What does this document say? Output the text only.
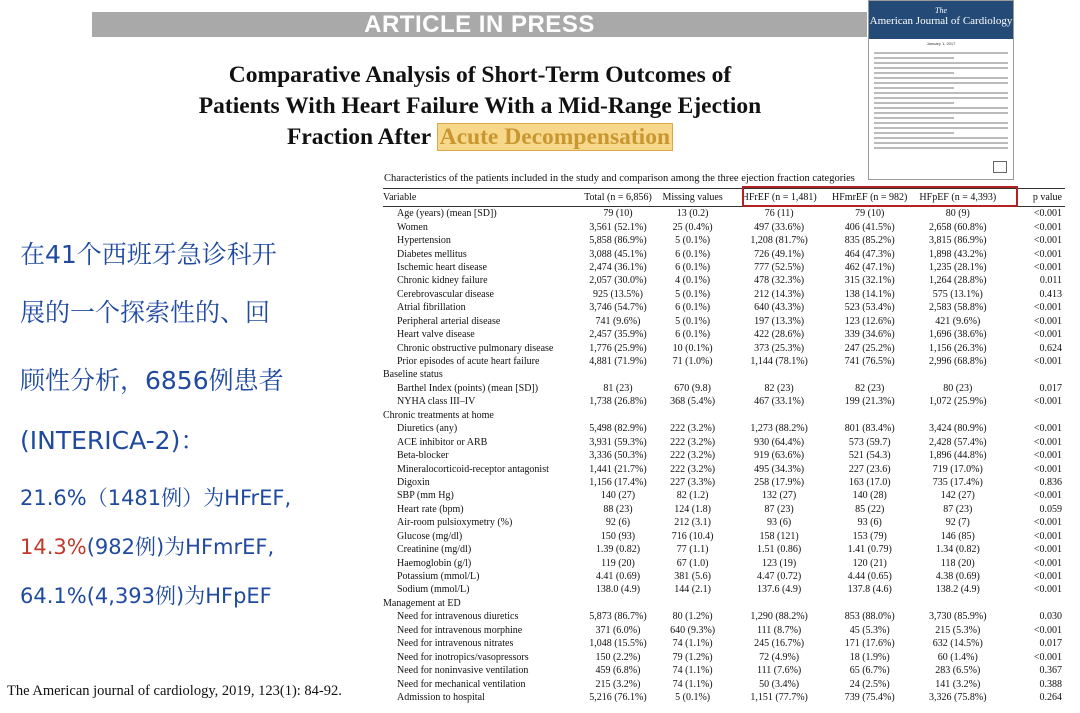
ARTICLE IN PRESS
Comparative Analysis of Short-Term Outcomes of
Patients With Heart Failure With a Mid-Range Ejection
Fraction After Acute Decompensation
The
American Journal of Cardiology
January 1, 2017
Characteristics of the patients included in the study and comparison among the three ejection fraction categories
Variable	Total (n = 6,856)	Missing values	HFrEF (n = 1,481)	HFmrEF (n = 982)	HFpEF (n = 4,393)	p value
Age (years) (mean [SD])	79 (10)	13 (0.2)	76 (11)	79 (10)	80 (9)	<0.001
Women	3,561 (52.1%)	25 (0.4%)	497 (33.6%)	406 (41.5%)	2,658 (60.8%)	<0.001
Hypertension	5,858 (86.9%)	5 (0.1%)	1,208 (81.7%)	835 (85.2%)	3,815 (86.9%)	<0.001
Diabetes mellitus	3,088 (45.1%)	6 (0.1%)	726 (49.1%)	464 (47.3%)	1,898 (43.2%)	<0.001
Ischemic heart disease	2,474 (36.1%)	6 (0.1%)	777 (52.5%)	462 (47.1%)	1,235 (28.1%)	<0.001
Chronic kidney failure	2,057 (30.0%)	4 (0.1%)	478 (32.3%)	315 (32.1%)	1,264 (28.8%)	0.011
Cerebrovascular disease	925 (13.5%)	5 (0.1%)	212 (14.3%)	138 (14.1%)	575 (13.1%)	0.413
Atrial fibrillation	3,746 (54.7%)	6 (0.1%)	640 (43.3%)	523 (53.4%)	2,583 (58.8%)	<0.001
Peripheral arterial disease	741 (9.6%)	5 (0.1%)	197 (13.3%)	123 (12.6%)	421 (9.6%)	<0.001
Heart valve disease	2,457 (35.9%)	6 (0.1%)	422 (28.6%)	339 (34.6%)	1,696 (38.6%)	<0.001
Chronic obstructive pulmonary disease	1,776 (25.9%)	10 (0.1%)	373 (25.3%)	247 (25.2%)	1,156 (26.3%)	0.624
Prior episodes of acute heart failure	4,881 (71.9%)	71 (1.0%)	1,144 (78.1%)	741 (76.5%)	2,996 (68.8%)	<0.001
Baseline status						
Barthel Index (points) (mean [SD])	81 (23)	670 (9.8)	82 (23)	82 (23)	80 (23)	0.017
NYHA class III–IV	1,738 (26.8%)	368 (5.4%)	467 (33.1%)	199 (21.3%)	1,072 (25.9%)	<0.001
Chronic treatments at home						
Diuretics (any)	5,498 (82.9%)	222 (3.2%)	1,273 (88.2%)	801 (83.4%)	3,424 (80.9%)	<0.001
ACE inhibitor or ARB	3,931 (59.3%)	222 (3.2%)	930 (64.4%)	573 (59.7)	2,428 (57.4%)	<0.001
Beta-blocker	3,336 (50.3%)	222 (3.2%)	919 (63.6%)	521 (54.3)	1,896 (44.8%)	<0.001
Mineralocorticoid-receptor antagonist	1,441 (21.7%)	222 (3.2%)	495 (34.3%)	227 (23.6)	719 (17.0%)	<0.001
Digoxin	1,156 (17.4%)	227 (3.3%)	258 (17.9%)	163 (17.0)	735 (17.4%)	0.836
SBP (mm Hg)	140 (27)	82 (1.2)	132 (27)	140 (28)	142 (27)	<0.001
Heart rate (bpm)	88 (23)	124 (1.8)	87 (23)	85 (22)	87 (23)	0.059
Air-room pulsioxymetry (%)	92 (6)	212 (3.1)	93 (6)	93 (6)	92 (7)	<0.001
Glucose (mg/dl)	150 (93)	716 (10.4)	158 (121)	153 (79)	146 (85)	<0.001
Creatinine (mg/dl)	1.39 (0.82)	77 (1.1)	1.51 (0.86)	1.41 (0.79)	1.34 (0.82)	<0.001
Haemoglobin (g/l)	119 (20)	67 (1.0)	123 (19)	120 (21)	118 (20)	<0.001
Potassium (mmol/L)	4.41 (0.69)	381 (5.6)	4.47 (0.72)	4.44 (0.65)	4.38 (0.69)	<0.001
Sodium (mmol/L)	138.0 (4.9)	144 (2.1)	137.6 (4.9)	137.8 (4.6)	138.2 (4.9)	<0.001
Management at ED						
Need for intravenous diuretics	5,873 (86.7%)	80 (1.2%)	1,290 (88.2%)	853 (88.0%)	3,730 (85.9%)	0.030
Need for intravenous morphine	371 (6.0%)	640 (9.3%)	111 (8.7%)	45 (5.3%)	215 (5.3%)	<0.001
Need for intravenous nitrates	1,048 (15.5%)	74 (1.1%)	245 (16.7%)	171 (17.6%)	632 (14.5%)	0.017
Need for inotropics/vasopressors	150 (2.2%)	79 (1.2%)	72 (4.9%)	18 (1.9%)	60 (1.4%)	<0.001
Need for noninvasive ventilation	459 (6.8%)	74 (1.1%)	111 (7.6%)	65 (6.7%)	283 (6.5%)	0.367
Need for mechanical ventilation	215 (3.2%)	74 (1.1%)	50 (3.4%)	24 (2.5%)	141 (3.2%)	0.388
Admission to hospital	5,216 (76.1%)	5 (0.1%)	1,151 (77.7%)	739 (75.4%)	3,326 (75.8%)	0.264
在41个西班牙急诊科开
展的一个探索性的、回
顾性分析，6856例患者
(INTERICA-2)：
21.6%（1481例）为HFrEF,
14.3%(982例)为HFmrEF,
64.1%(4,393例)为HFpEF
The American journal of cardiology, 2019, 123(1): 84-92.
